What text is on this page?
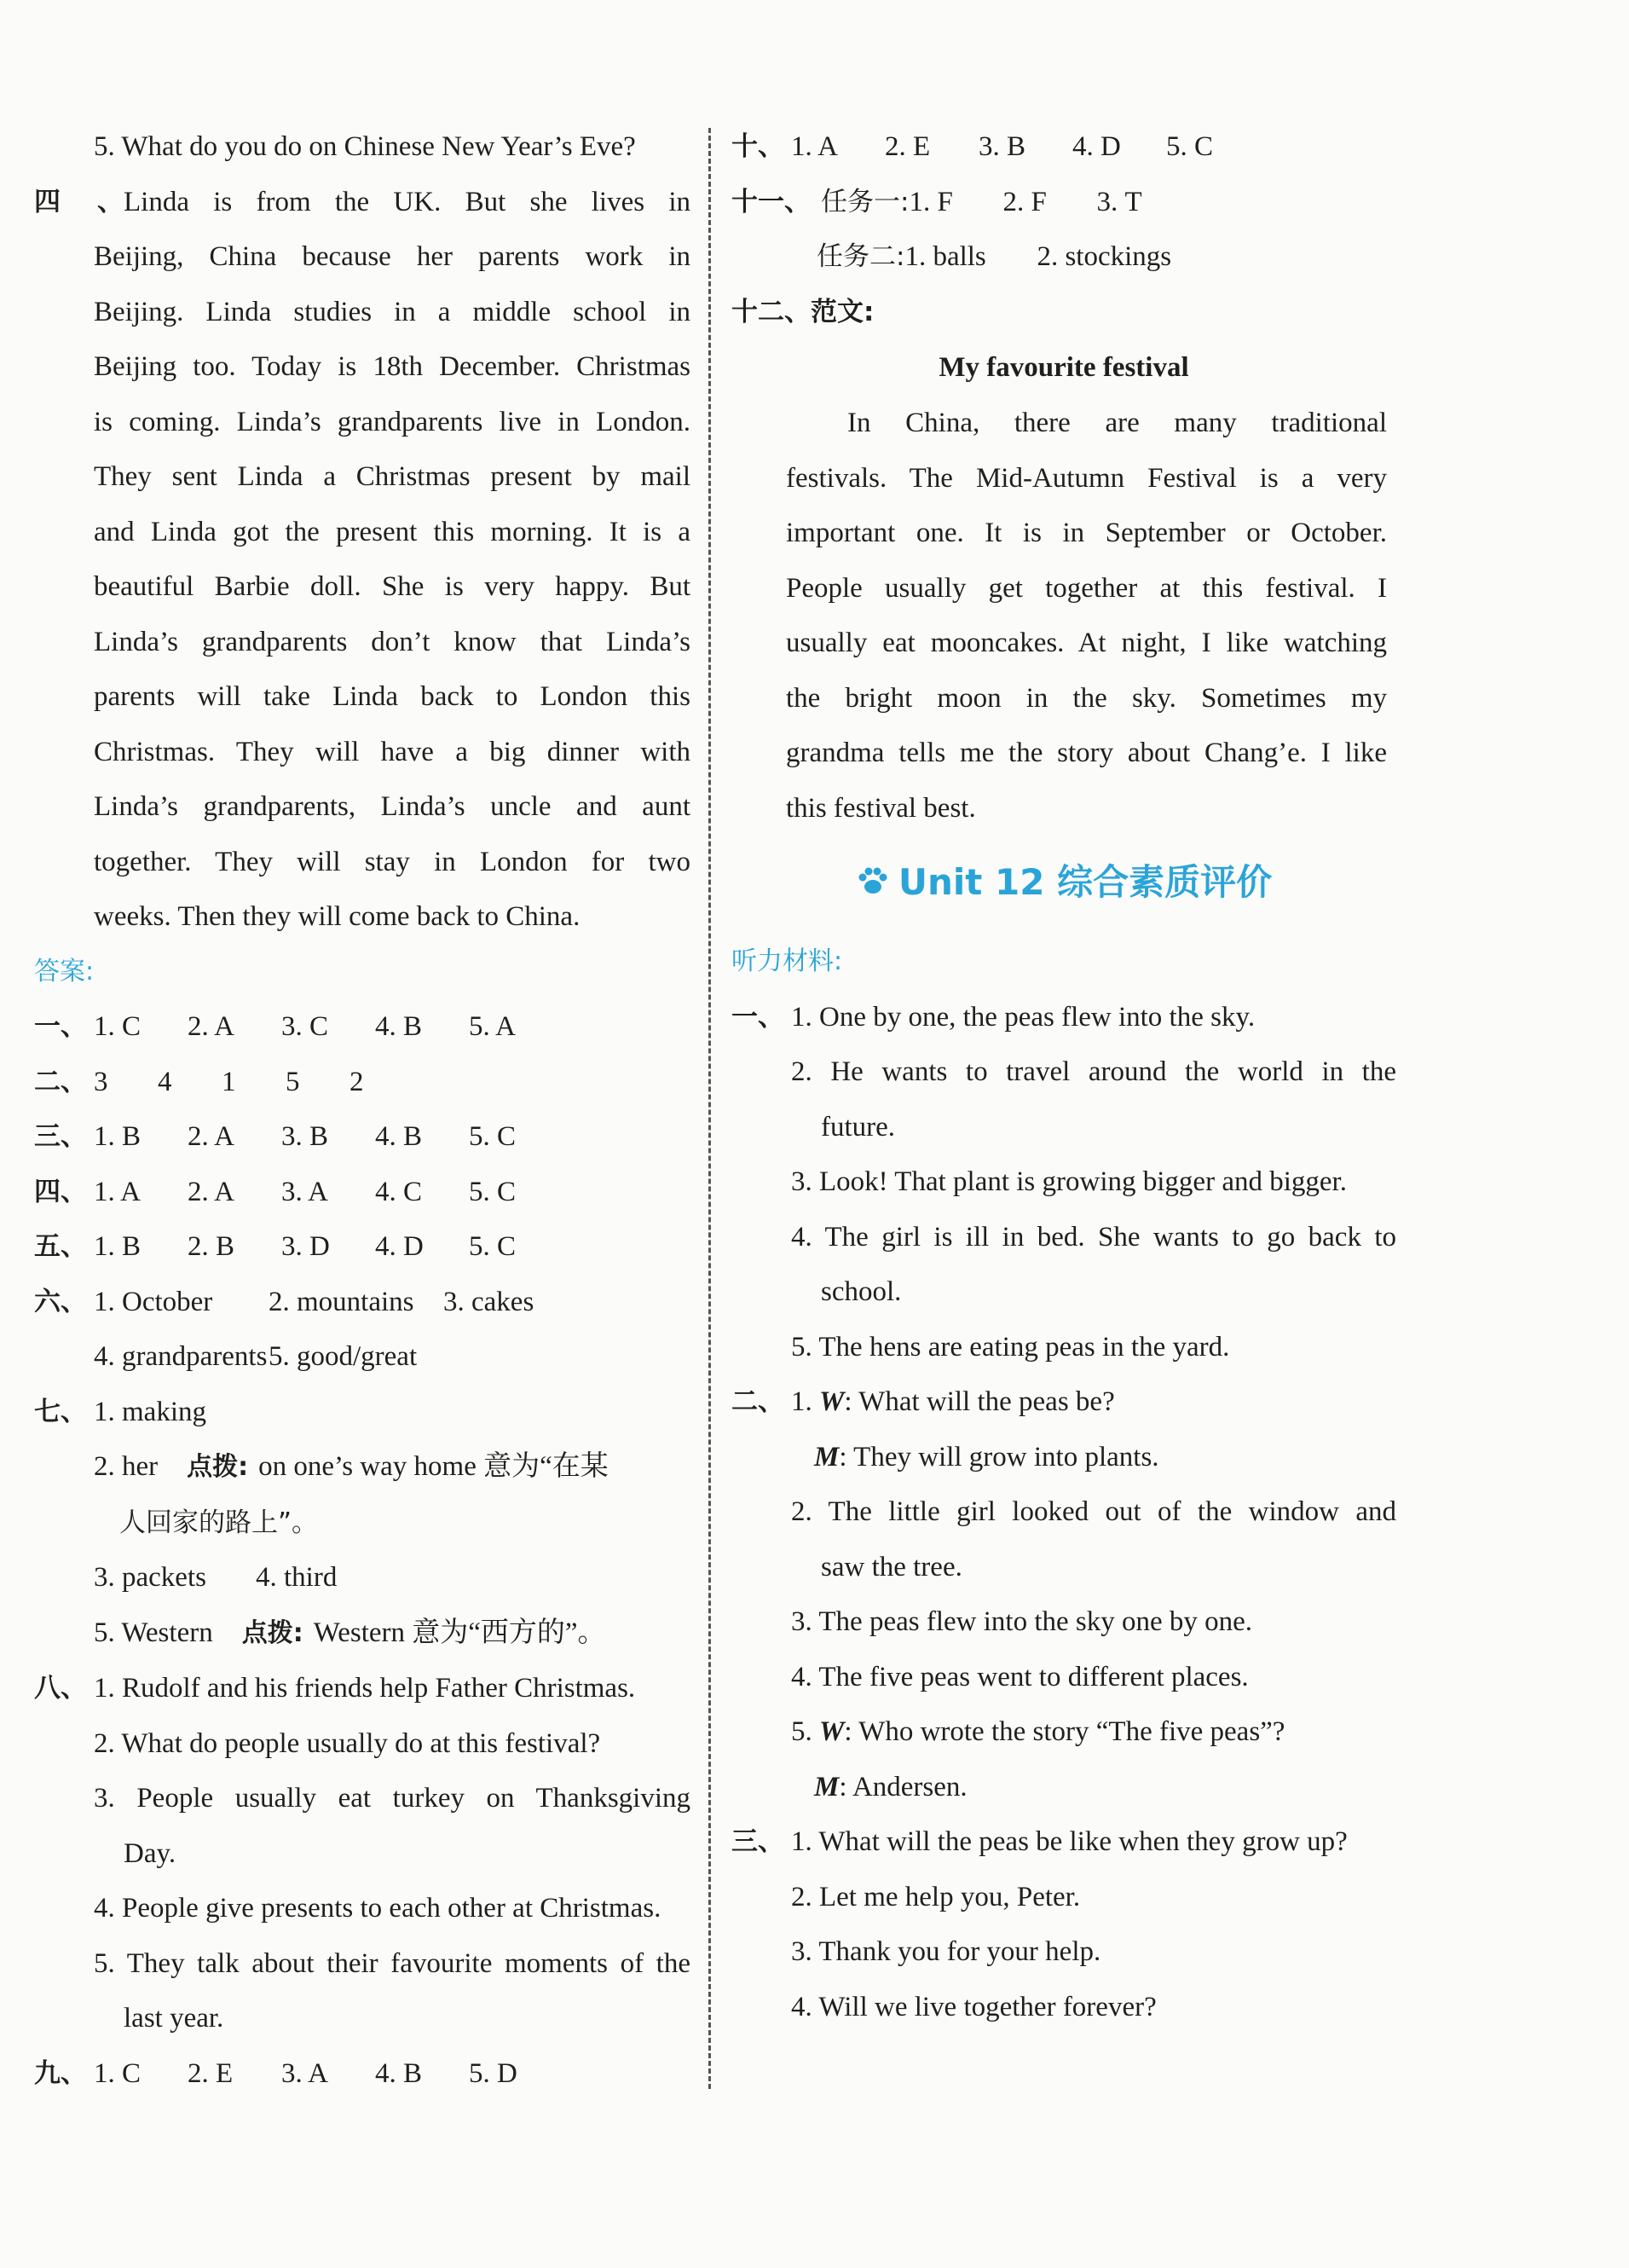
5. What do you do on Chinese New Year’s Eve?
四、Linda is from the UK. But she lives in
Beijing, China because her parents work in
Beijing. Linda studies in a middle school in
Beijing too. Today is 18th December. Christmas
is coming. Linda’s grandparents live in London.
They sent Linda a Christmas present by mail
and Linda got the present this morning. It is a
beautiful Barbie doll. She is very happy. But
Linda’s grandparents don’t know that Linda’s
parents will take Linda back to London this
Christmas. They will have a big dinner with
Linda’s grandparents, Linda’s uncle and aunt
together. They will stay in London for two
weeks. Then they will come back to China.
答案:
一、 1. C 2. A 3. C 4. B 5. A
二、 3 4 1 5 2
三、 1. B 2. A 3. B 4. B 5. C
四、 1. A 2. A 3. A 4. C 5. C
五、 1. B 2. B 3. D 4. D 5. C
六、 1. October 2. mountains 3. cakes
4. grandparents5. good/great
七、 1. making
2. her 点拨: on one’s way home 意为“在某
人回家的路上”。
3. packets 4. third
5. Western 点拨: Western 意为“西方的”。
八、 1. Rudolf and his friends help Father Christmas.
2. What do people usually do at this festival?
3. People usually eat turkey on Thanksgiving
Day.
4. People give presents to each other at Christmas.
5. They talk about their favourite moments of the
last year.
九、 1. C 2. E 3. A 4. B 5. D
十、 1. A 2. E 3. B 4. D 5. C
十一、 任务一:1. F 2. F 3. T
任务二:1. balls 2. stockings
十二、范文:
My favourite festival
In China, there are many traditional
festivals. The Mid-Autumn Festival is a very
important one. It is in September or October.
People usually get together at this festival. I
usually eat mooncakes. At night, I like watching
the bright moon in the sky. Sometimes my
grandma tells me the story about Chang’e. I like
this festival best.
Unit 12 综合素质评价
听力材料:
一、 1. One by one, the peas flew into the sky.
2. He wants to travel around the world in the
future.
3. Look! That plant is growing bigger and bigger.
4. The girl is ill in bed. She wants to go back to
school.
5. The hens are eating peas in the yard.
二、 1. W: What will the peas be?
M: They will grow into plants.
2. The little girl looked out of the window and
saw the tree.
3. The peas flew into the sky one by one.
4. The five peas went to different places.
5. W: Who wrote the story “The five peas”?
M: Andersen.
三、 1. What will the peas be like when they grow up?
2. Let me help you, Peter.
3. Thank you for your help.
4. Will we live together forever?
